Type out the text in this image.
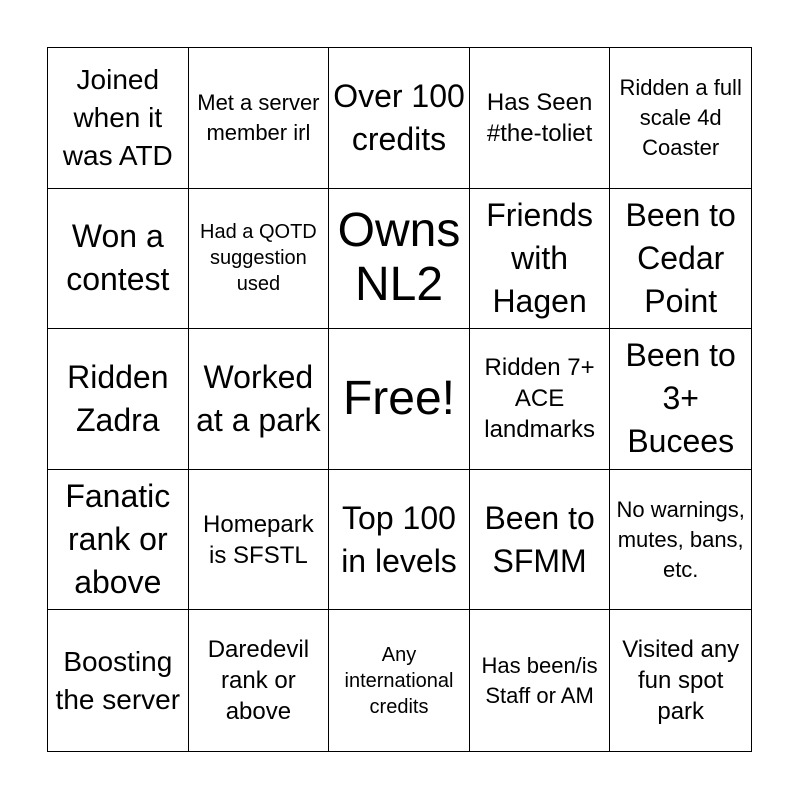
Joined when it was ATD
Met a server member irl
Over 100 credits
Has Seen #the-toliet
Ridden a full scale 4d Coaster
Won a contest
Had a QOTD suggestion used
Owns NL2
Friends with Hagen
Been to Cedar Point
Ridden Zadra
Worked at a park Free!
Ridden 7+ ACE landmarks
Been to 3+ Bucees
Fanatic rank or above
Homepark is SFSTL
Top 100 in levels
Been to SFMM
No warnings, mutes, bans, etc.
Boosting the server
Daredevil rank or above
Any international credits
Has been/is Staff or AM
Visited any fun spot park
